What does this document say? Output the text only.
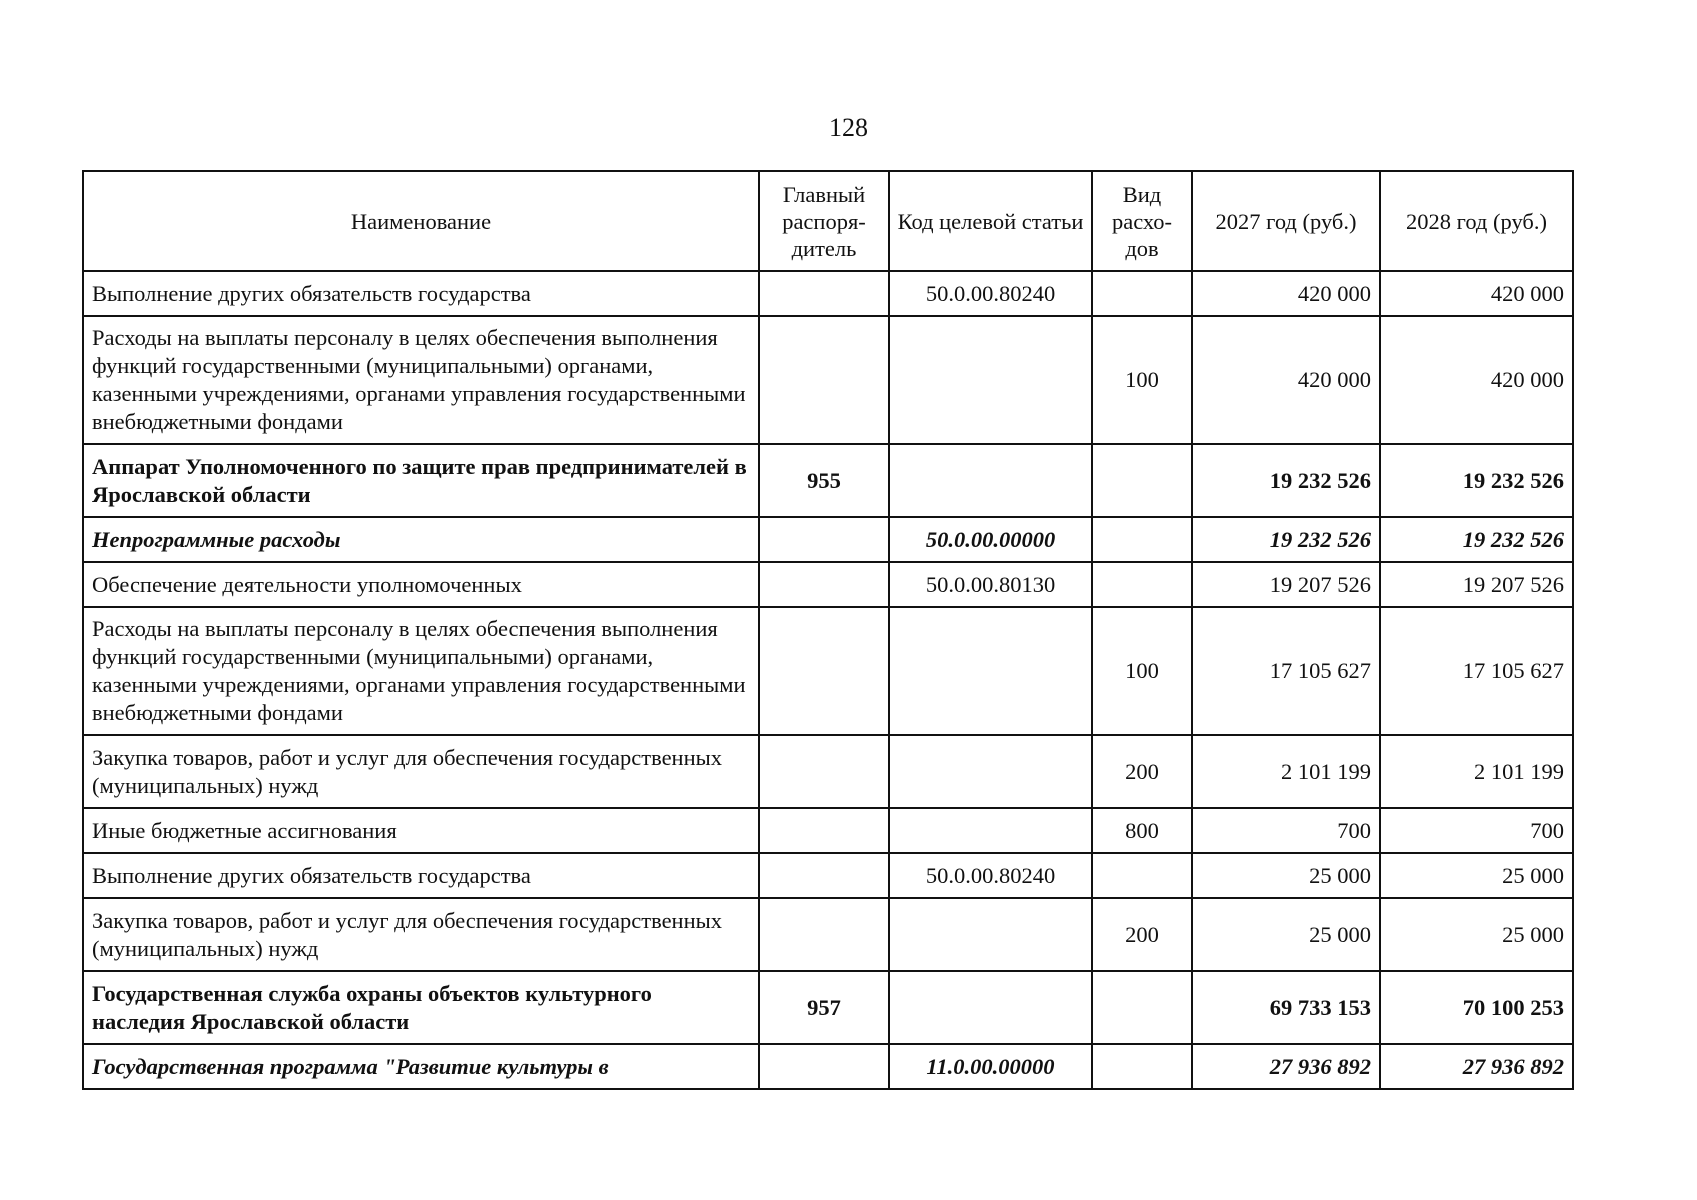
128
Наименование	Главный распоря-дитель	Код целевой статьи	Вид расхо-дов	2027 год (руб.)	2028 год (руб.)
Выполнение других обязательств государства		50.0.00.80240		420 000	420 000
Расходы на выплаты персоналу в целях обеспечения выполнения функций государственными (муниципальными) органами, казенными учреждениями, органами управления государственными внебюджетными фондами			100	420 000	420 000
Аппарат Уполномоченного по защите прав предпринимателей в Ярославской области	955			19 232 526	19 232 526
Непрограммные расходы		50.0.00.00000		19 232 526	19 232 526
Обеспечение деятельности уполномоченных		50.0.00.80130		19 207 526	19 207 526
Расходы на выплаты персоналу в целях обеспечения выполнения функций государственными (муниципальными) органами, казенными учреждениями, органами управления государственными внебюджетными фондами			100	17 105 627	17 105 627
Закупка товаров, работ и услуг для обеспечения государственных (муниципальных) нужд			200	2 101 199	2 101 199
Иные бюджетные ассигнования			800	700	700
Выполнение других обязательств государства		50.0.00.80240		25 000	25 000
Закупка товаров, работ и услуг для обеспечения государственных (муниципальных) нужд			200	25 000	25 000
Государственная служба охраны объектов культурного наследия Ярославской области	957			69 733 153	70 100 253
Государственная программа "Развитие культуры в		11.0.00.00000		27 936 892	27 936 892
